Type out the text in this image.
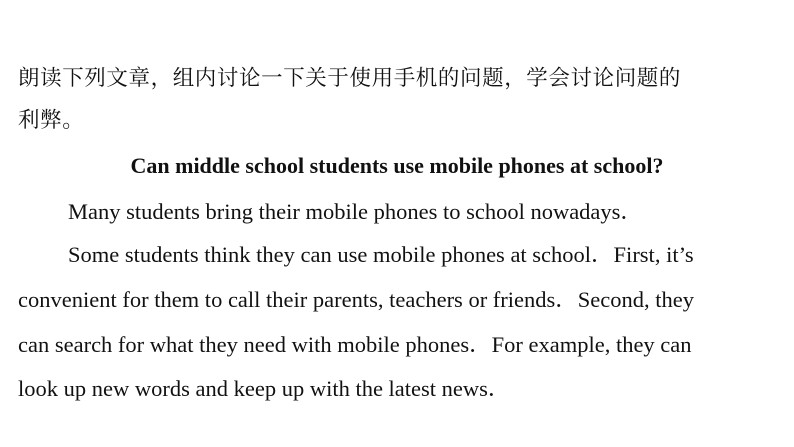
朗读下列文章，组内讨论一下关于使用手机的问题，学会讨论问题的
利弊。
Can middle school students use mobile phones at school?
Many students bring their mobile phones to school nowadays．
Some students think they can use mobile phones at school．First, it’s
convenient for them to call their parents, teachers or friends．Second, they
can search for what they need with mobile phones．For example, they can
look up new words and keep up with the latest news．
